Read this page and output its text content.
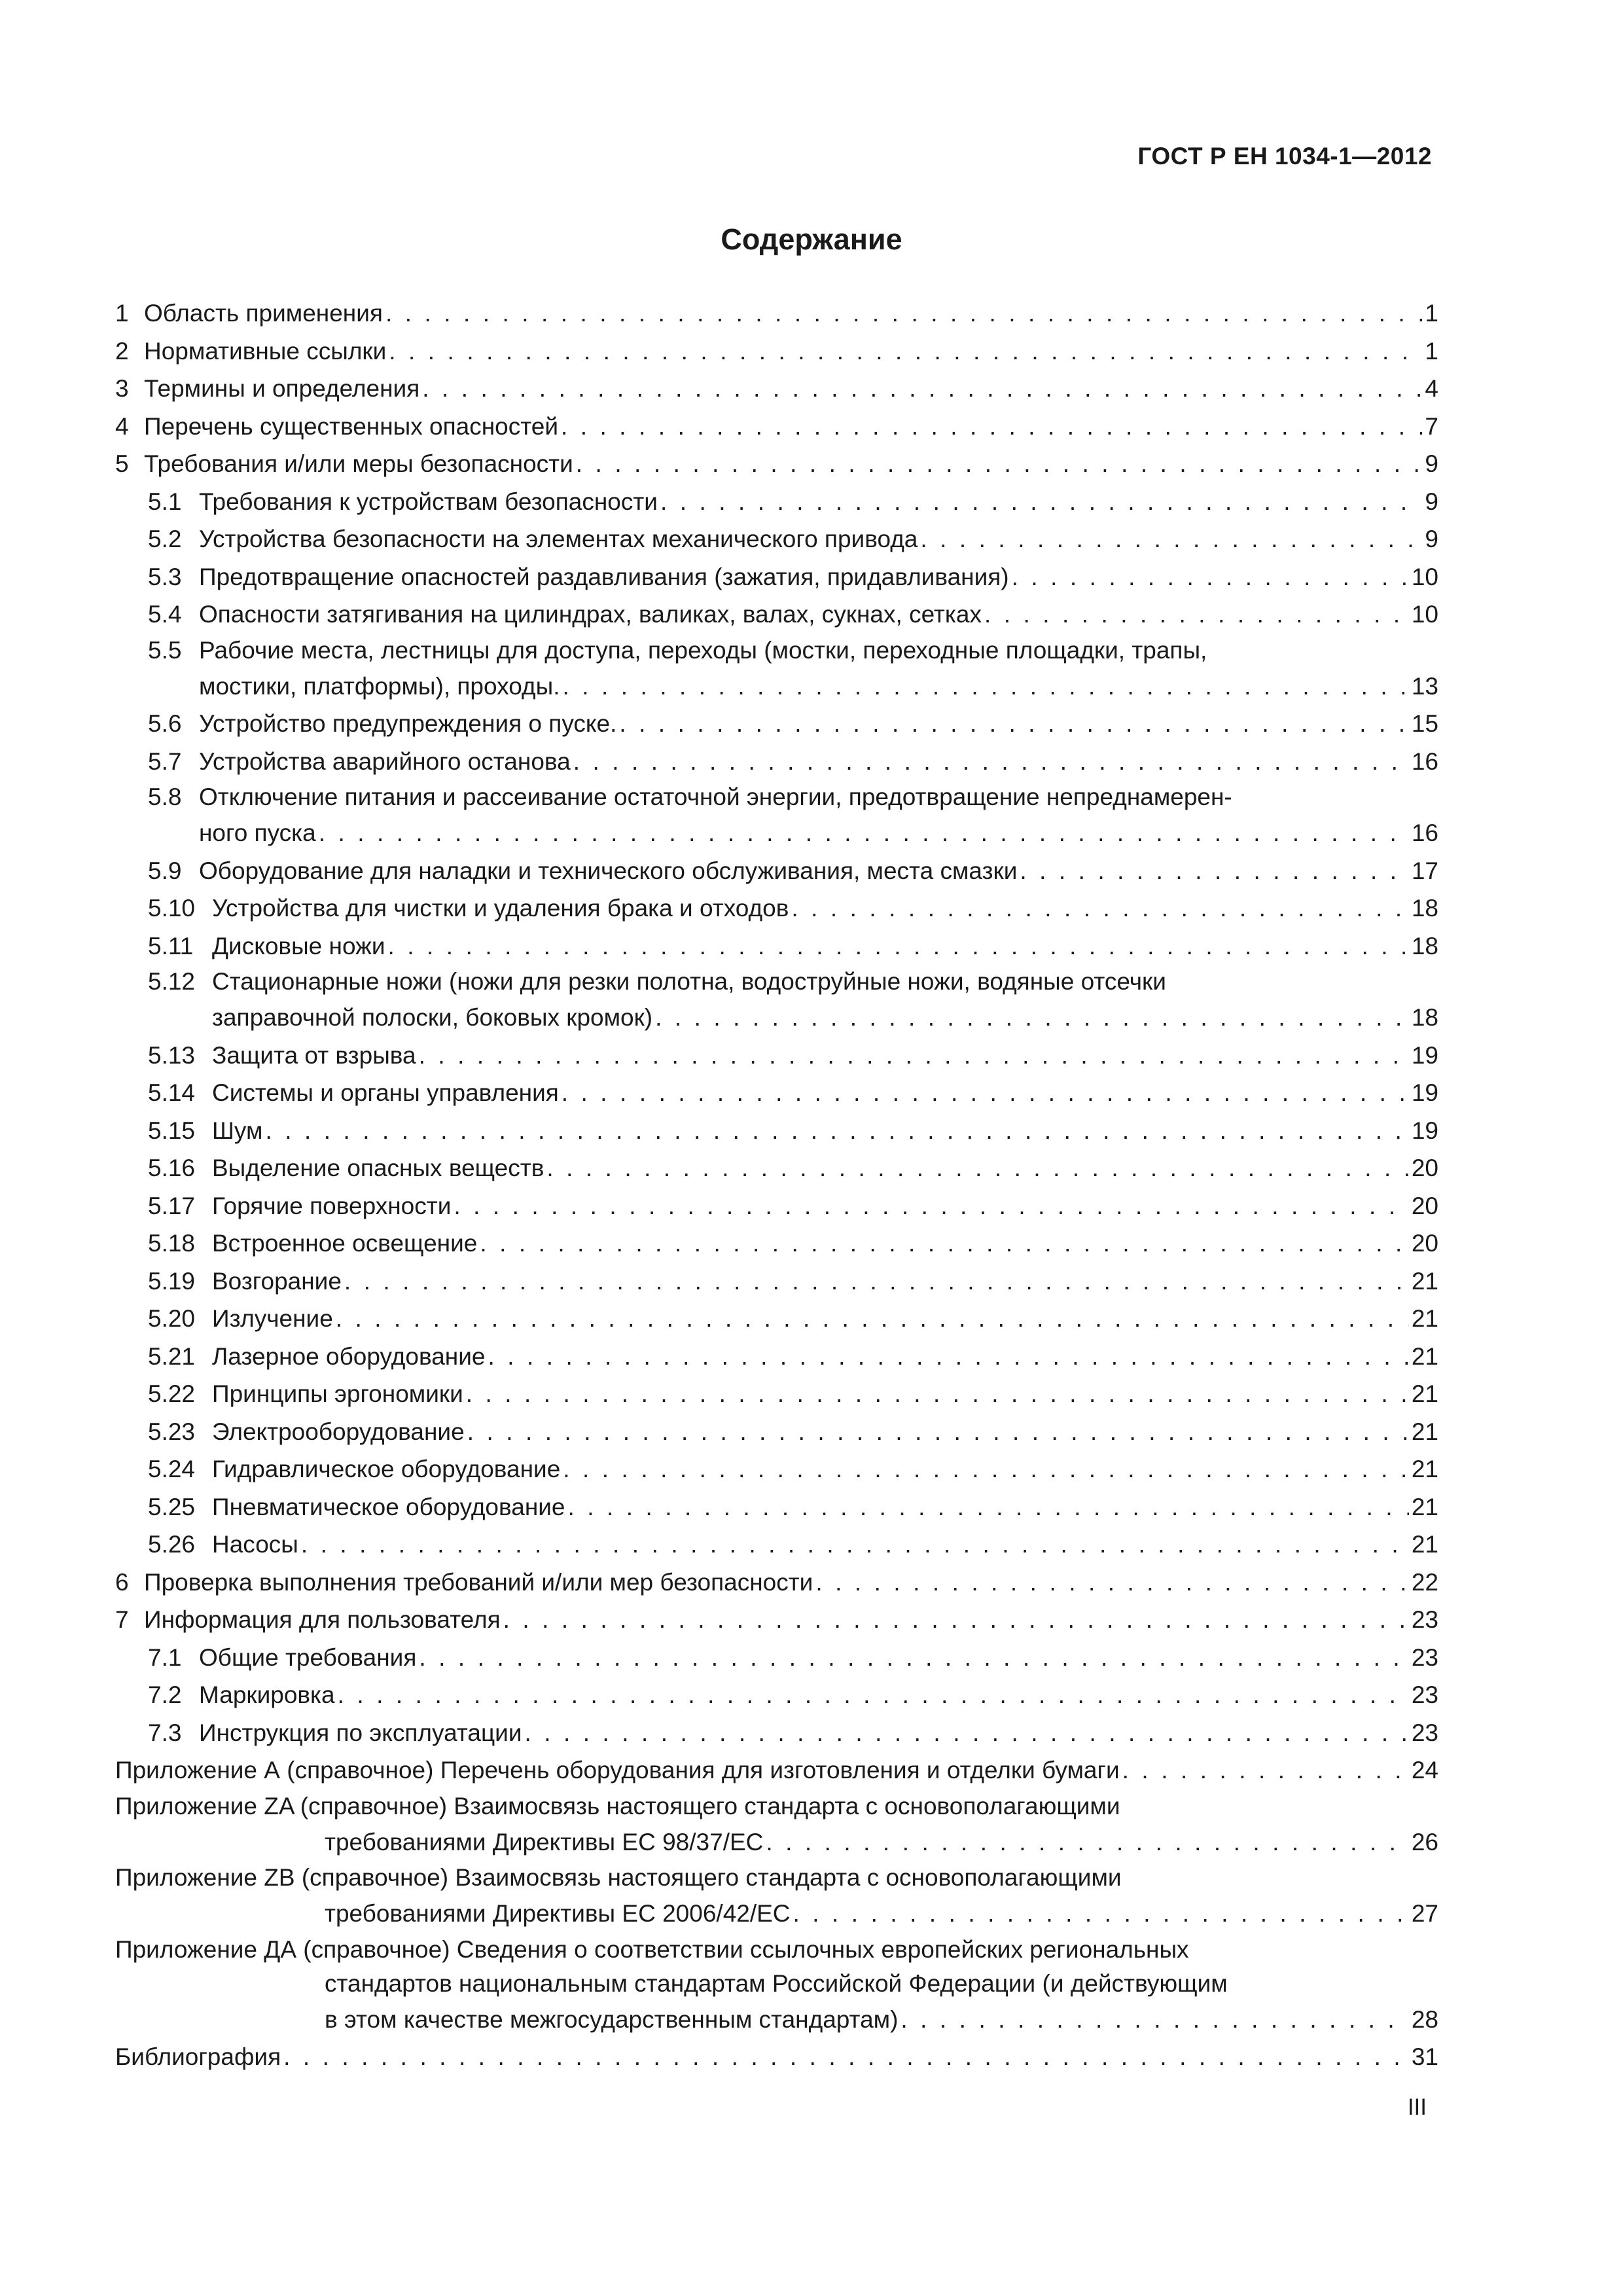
ГОСТ Р ЕН 1034-1—2012
Содержание
1 Область применения . . .	1
2 Нормативные ссылки . . .	1
3 Термины и определения . . .	4
4 Перечень существенных опасностей . . .	7
5 Требования и/или меры безопасности . . .	9
5.1 Требования к устройствам безопасности . . .	9
5.2 Устройства безопасности на элементах механического привода . . .	9
5.3 Предотвращение опасностей раздавливания (зажатия, придавливания) . . .	10
5.4 Опасности затягивания на цилиндрах, валиках, валах, сукнах, сетках . . .	10
5.5 Рабочие места, лестницы для доступа, переходы (мостки, переходные площадки, трапы,
мостики, платформы), проходы. . . .	13
5.6 Устройство предупреждения о пуске. . . .	15
5.7 Устройства аварийного останова . . .	16
5.8 Отключение питания и рассеивание остаточной энергии, предотвращение непреднамерен-
ного пуска . . .	16
5.9 Оборудование для наладки и технического обслуживания, места смазки . . .	17
5.10 Устройства для чистки и удаления брака и отходов . . .	18
5.11 Дисковые ножи . . .	18
5.12 Стационарные ножи (ножи для резки полотна, водоструйные ножи, водяные отсечки
заправочной полоски, боковых кромок) . . .	18
5.13 Защита от взрыва . . .	19
5.14 Системы и органы управления . . .	19
5.15 Шум . . .	19
5.16 Выделение опасных веществ . . .	20
5.17 Горячие поверхности . . .	20
5.18 Встроенное освещение . . .	20
5.19 Возгорание . . .	21
5.20 Излучение . . .	21
5.21 Лазерное оборудование . . .	21
5.22 Принципы эргономики . . .	21
5.23 Электрооборудование . . .	21
5.24 Гидравлическое оборудование . . .	21
5.25 Пневматическое оборудование . . .	21
5.26 Насосы . . .	21
6 Проверка выполнения требований и/или мер безопасности . . .	22
7 Информация для пользователя . . .	23
7.1 Общие требования . . .	23
7.2 Маркировка . . .	23
7.3 Инструкция по эксплуатации . . .	23
Приложение А (справочное) Перечень оборудования для изготовления и отделки бумаги . . .	24
Приложение ZA (справочное) Взаимосвязь настоящего стандарта с основополагающими
требованиями Директивы ЕС 98/37/ЕС . . .	26
Приложение ZB (справочное) Взаимосвязь настоящего стандарта с основополагающими
требованиями Директивы ЕС 2006/42/ЕС . . .	27
Приложение ДА (справочное) Сведения о соответствии ссылочных европейских региональных
стандартов национальным стандартам Российской Федерации (и действующим
в этом качестве межгосударственным стандартам) . . .	28
Библиография . . .	31
III
